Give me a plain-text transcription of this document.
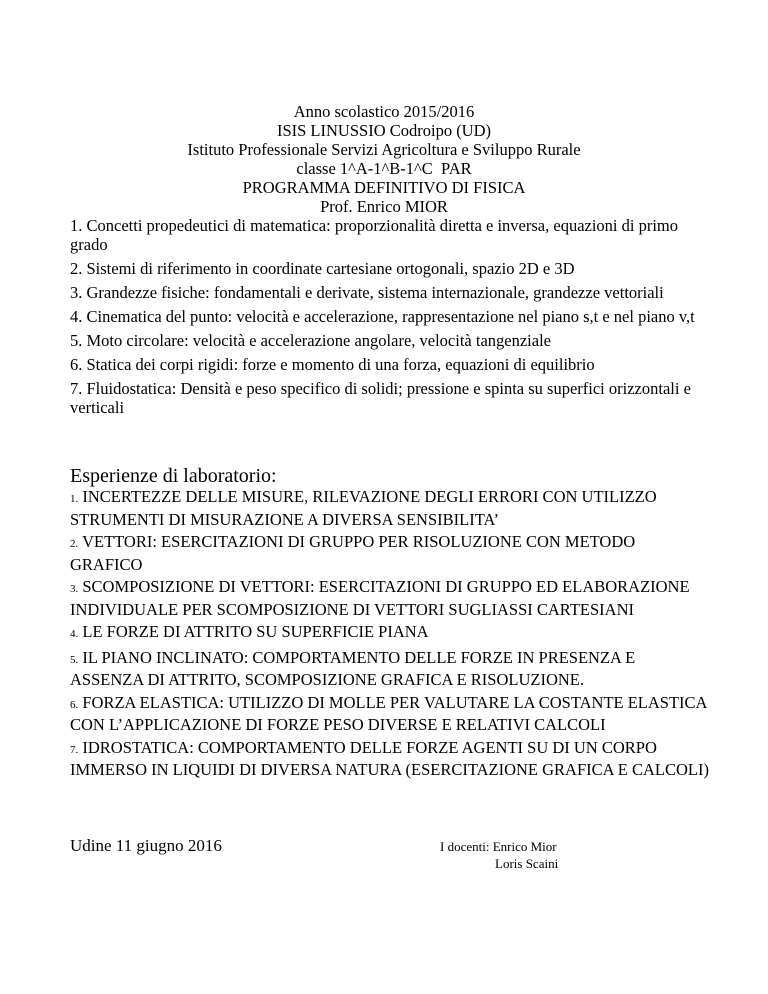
Anno scolastico 2015/2016
ISIS LINUSSIO Codroipo (UD)
Istituto Professionale Servizi Agricoltura e Sviluppo Rurale
classe 1^A-1^B-1^C  PAR
PROGRAMMA DEFINITIVO DI FISICA
Prof. Enrico MIOR
1. Concetti propedeutici di matematica: proporzionalità diretta e inversa, equazioni di primo grado
2. Sistemi di riferimento in coordinate cartesiane ortogonali, spazio 2D e 3D
3. Grandezze fisiche: fondamentali e derivate, sistema internazionale, grandezze vettoriali
4. Cinematica del punto: velocità e accelerazione, rappresentazione nel piano s,t e nel piano v,t
5. Moto circolare: velocità e accelerazione angolare, velocità tangenziale
6. Statica dei corpi rigidi: forze e momento di una forza, equazioni di equilibrio
7. Fluidostatica: Densità e peso specifico di solidi; pressione e spinta su superfici orizzontali e verticali
Esperienze di laboratorio:
1. INCERTEZZE DELLE MISURE, RILEVAZIONE DEGLI ERRORI CON UTILIZZO STRUMENTI DI MISURAZIONE A DIVERSA SENSIBILITA’
2. VETTORI: ESERCITAZIONI DI GRUPPO PER RISOLUZIONE CON METODO GRAFICO
3. SCOMPOSIZIONE DI VETTORI: ESERCITAZIONI DI GRUPPO ED ELABORAZIONE INDIVIDUALE PER SCOMPOSIZIONE DI VETTORI SUGLIASSI CARTESIANI
4. LE FORZE DI ATTRITO SU SUPERFICIE PIANA
5. IL PIANO INCLINATO: COMPORTAMENTO DELLE FORZE IN PRESENZA E ASSENZA DI ATTRITO, SCOMPOSIZIONE GRAFICA E RISOLUZIONE.
6. FORZA ELASTICA: UTILIZZO DI MOLLE PER VALUTARE LA COSTANTE ELASTICA CON L’APPLICAZIONE DI FORZE PESO DIVERSE E RELATIVI CALCOLI
7. IDROSTATICA: COMPORTAMENTO DELLE FORZE AGENTI SU DI UN CORPO IMMERSO IN LIQUIDI DI DIVERSA NATURA (ESERCITAZIONE GRAFICA E CALCOLI)
Udine 11 giugno 2016	I docenti: Enrico Mior
Loris Scaini
